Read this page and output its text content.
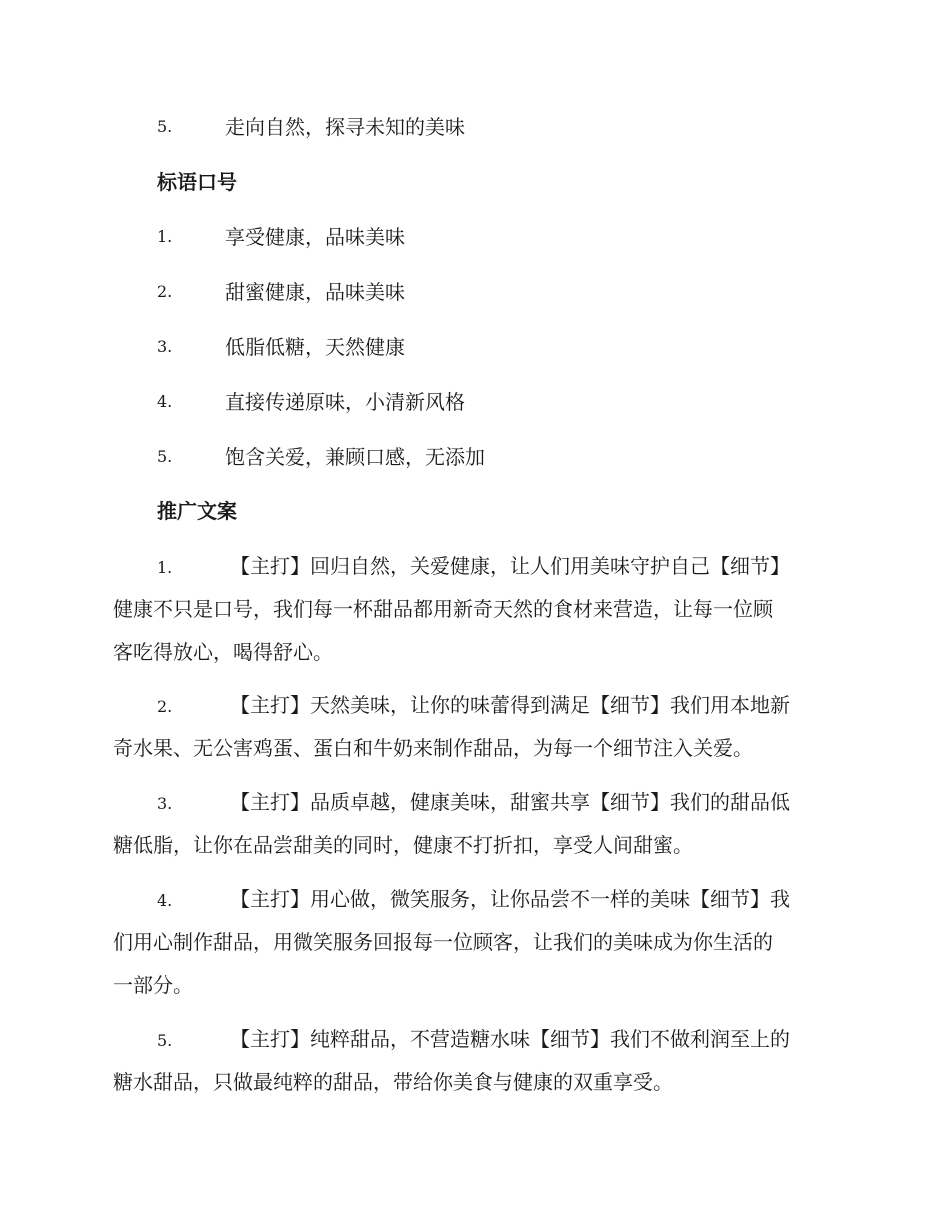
5.	走向自然，探寻未知的美味
标语口号
1.	享受健康，品味美味
2.	甜蜜健康，品味美味
3.	低脂低糖，天然健康
4.	直接传递原味，小清新风格
5.	饱含关爱，兼顾口感，无添加
推广文案
1.	【主打】回归自然，关爱健康，让人们用美味守护自己【细节】
健康不只是口号，我们每一杯甜品都用新奇天然的食材来营造，让每一位顾
客吃得放心，喝得舒心。
2.	【主打】天然美味，让你的味蕾得到满足【细节】我们用本地新
奇水果、无公害鸡蛋、蛋白和牛奶来制作甜品，为每一个细节注入关爱。
3.	【主打】品质卓越，健康美味，甜蜜共享【细节】我们的甜品低
糖低脂，让你在品尝甜美的同时，健康不打折扣，享受人间甜蜜。
4.	【主打】用心做，微笑服务，让你品尝不一样的美味【细节】我
们用心制作甜品，用微笑服务回报每一位顾客，让我们的美味成为你生活的
一部分。
5.	【主打】纯粹甜品，不营造糖水味【细节】我们不做利润至上的
糖水甜品，只做最纯粹的甜品，带给你美食与健康的双重享受。
